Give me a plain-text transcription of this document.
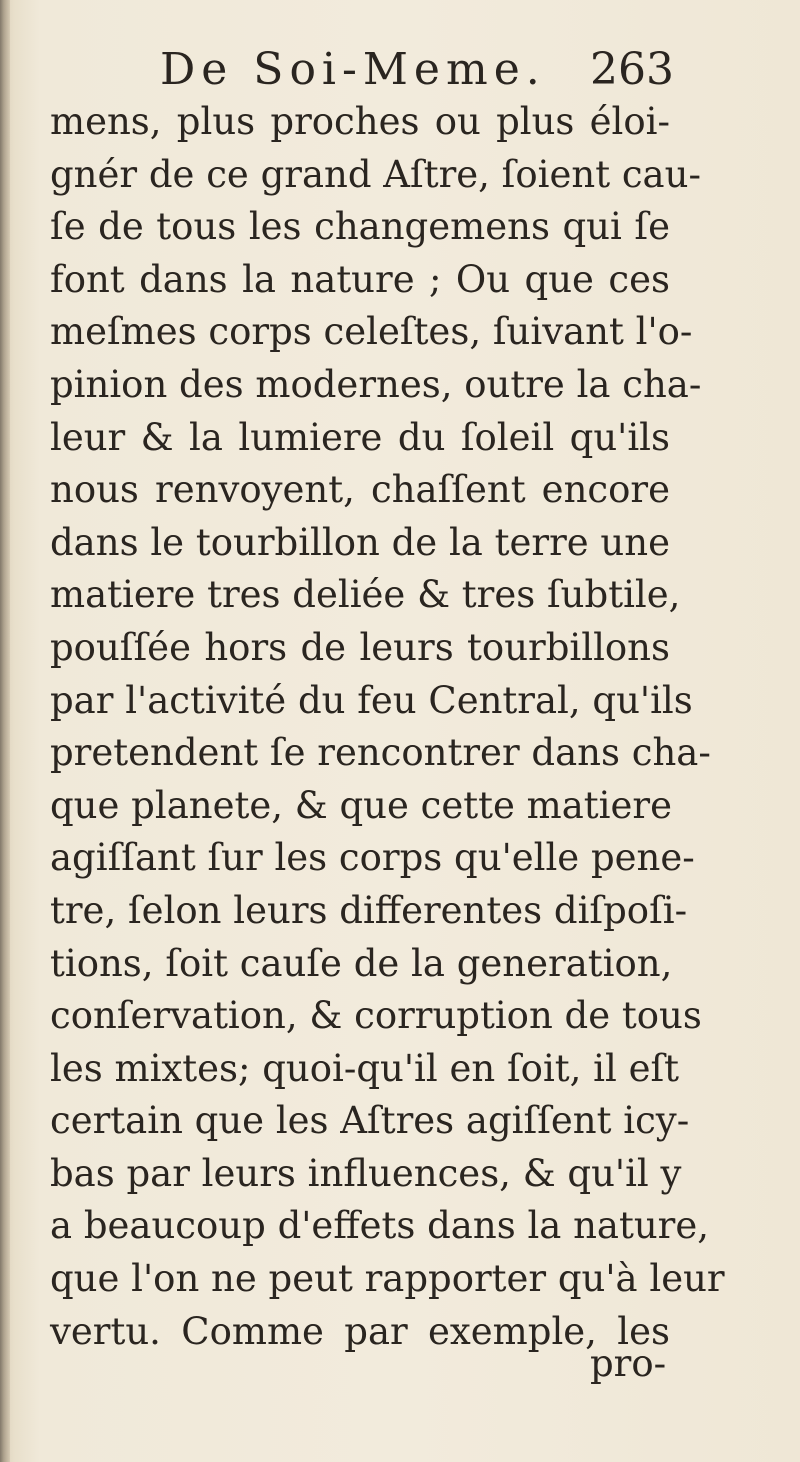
De Soi-Meme. 263
mens, plus proches ou plus éloi-
gnér de ce grand Aſtre, ſoient cau-
ſe de tous les changemens qui ſe
font dans la nature ; Ou que ces
meſmes corps celeſtes, ſuivant l'o-
pinion des modernes, outre la cha-
leur & la lumiere du ſoleil qu'ils
nous renvoyent, chaſſent encore
dans le tourbillon de la terre une
matiere tres deliée & tres ſubtile,
pouſſée hors de leurs tourbillons
par l'activité du feu Central, qu'ils
pretendent ſe rencontrer dans cha-
que planete, & que cette matiere
agiſſant ſur les corps qu'elle pene-
tre, ſelon leurs differentes diſpoſi-
tions, ſoit cauſe de la generation,
conſervation, & corruption de tous
les mixtes; quoi-qu'il en ſoit, il eſt
certain que les Aſtres agiſſent icy-
bas par leurs influences, & qu'il y
a beaucoup d'effets dans la nature,
que l'on ne peut rapporter qu'à leur
vertu. Comme par exemple, les
pro-
